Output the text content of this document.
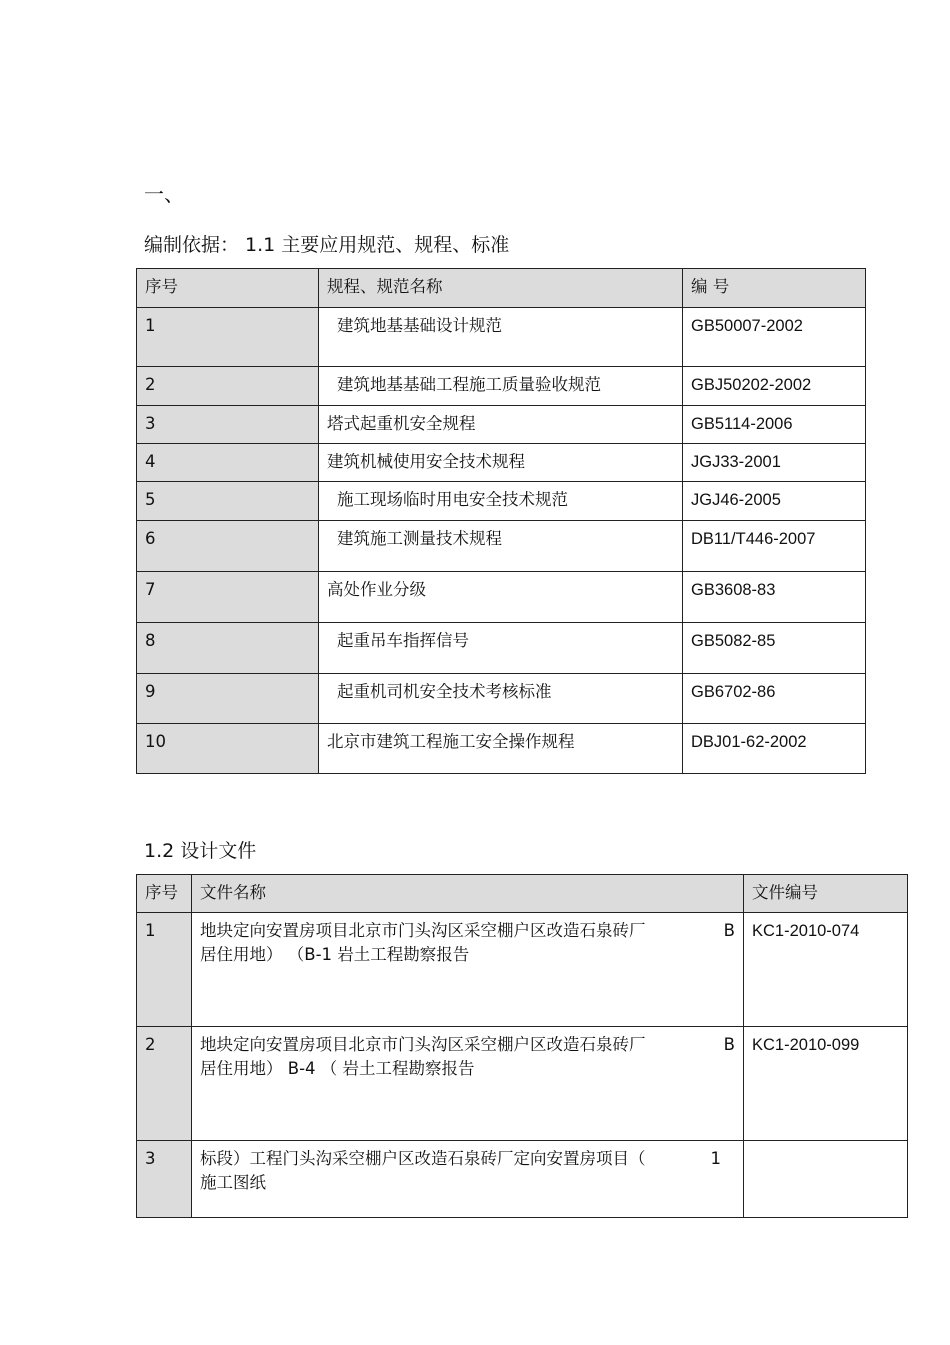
一、
编制依据： 1.1 主要应用规范、规程、标准
序号	规程、规范名称	编 号
1	建筑地基基础设计规范	GB50007-2002
2	建筑地基基础工程施工质量验收规范	GBJ50202-2002
3	塔式起重机安全规程	GB5114-2006
4	建筑机械使用安全技术规程	JGJ33-2001
5	施工现场临时用电安全技术规范	JGJ46-2005
6	建筑施工测量技术规程	DB11/T446-2007
7	高处作业分级	GB3608-83
8	起重吊车指挥信号	GB5082-85
9	起重机司机安全技术考核标准	GB6702-86
10	北京市建筑工程施工安全操作规程	DBJ01-62-2002
1.2 设计文件
序号	文件名称	文件编号
1	地块定向安置房项目北京市门头沟区采空棚户区改造石泉砖厂 B
居住用地） （B-1 岩土工程勘察报告	KC1-2010-074
2	地块定向安置房项目北京市门头沟区采空棚户区改造石泉砖厂 B
居住用地） B-4 （ 岩土工程勘察报告	KC1-2010-099
3	标段）工程门头沟采空棚户区改造石泉砖厂定向安置房项目（ 1
施工图纸	
